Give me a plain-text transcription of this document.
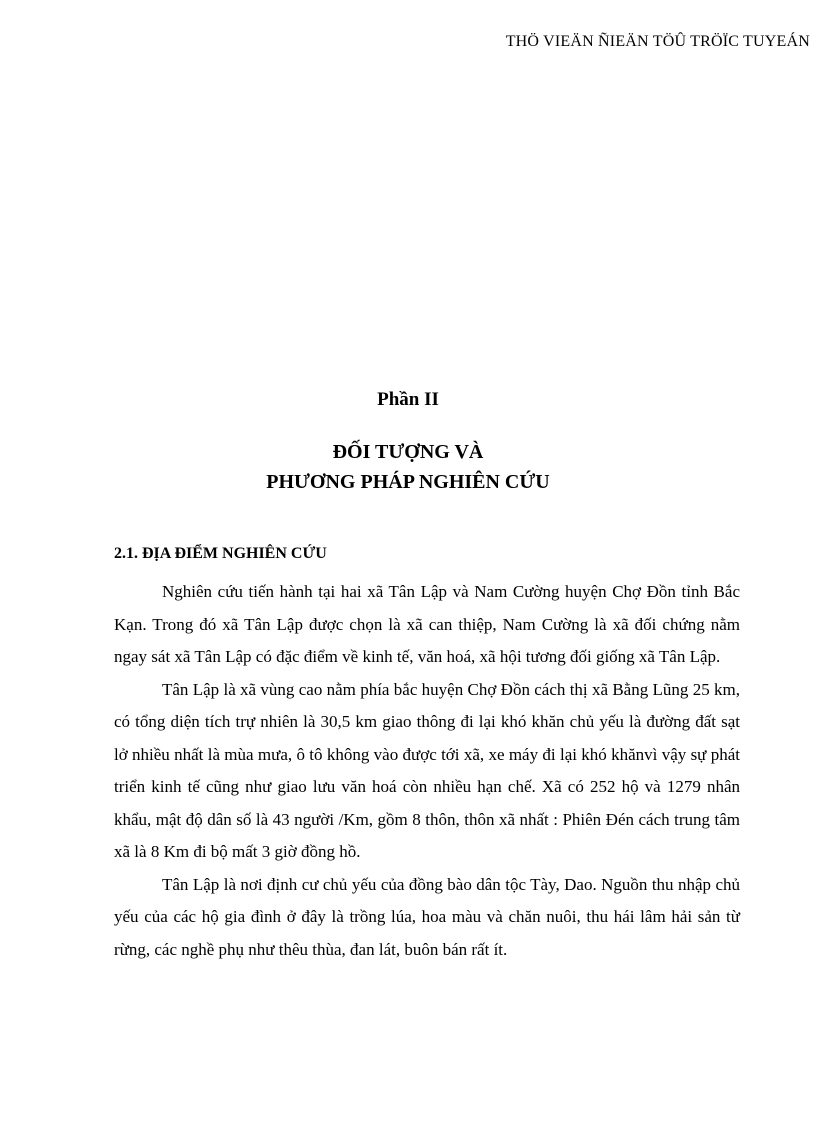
THÖ VIEÄN ÑIEÄN TÖÛ TRÖÏC TUYEÁN
Phần II
ĐỐI TƯỢNG VÀ
PHƯƠNG PHÁP NGHIÊN CỨU
2.1. ĐỊA ĐIỂM NGHIÊN CỨU

Nghiên cứu tiến hành tại hai xã Tân Lập và Nam Cường huyện Chợ Đồn tỉnh Bắc Kạn. Trong đó xã Tân Lập được chọn là xã can thiệp, Nam Cường là xã đối chứng nằm ngay sát xã Tân Lập có đặc điểm về kinh tế, văn hoá, xã hội tương đối giống xã Tân Lập.

Tân Lập là xã vùng cao nằm phía bắc huyện Chợ Đồn cách thị xã Bằng Lũng 25 km, có tổng diện tích trự nhiên là 30,5 km giao thông đi lại khó khăn chủ yếu là đường đất sạt lở nhiều nhất là mùa mưa, ô tô không vào được tới xã, xe máy đi lại khó khănvì vậy sự phát triển kinh tế cũng như giao lưu văn hoá còn nhiều hạn chế. Xã có 252 hộ và 1279 nhân khẩu, mật độ dân số là 43 người /Km, gồm 8 thôn, thôn xã nhất : Phiên Đén cách trung tâm xã là 8 Km đi bộ mất 3 giờ đồng hồ.

Tân Lập là nơi định cư chủ yếu của đồng bào dân tộc Tày, Dao. Nguồn thu nhập chủ yếu của các hộ gia đình ở đây là trồng lúa, hoa màu và chăn nuôi, thu hái lâm hải sản từ rừng, các nghề phụ như thêu thùa, đan lát, buôn bán rất ít.
